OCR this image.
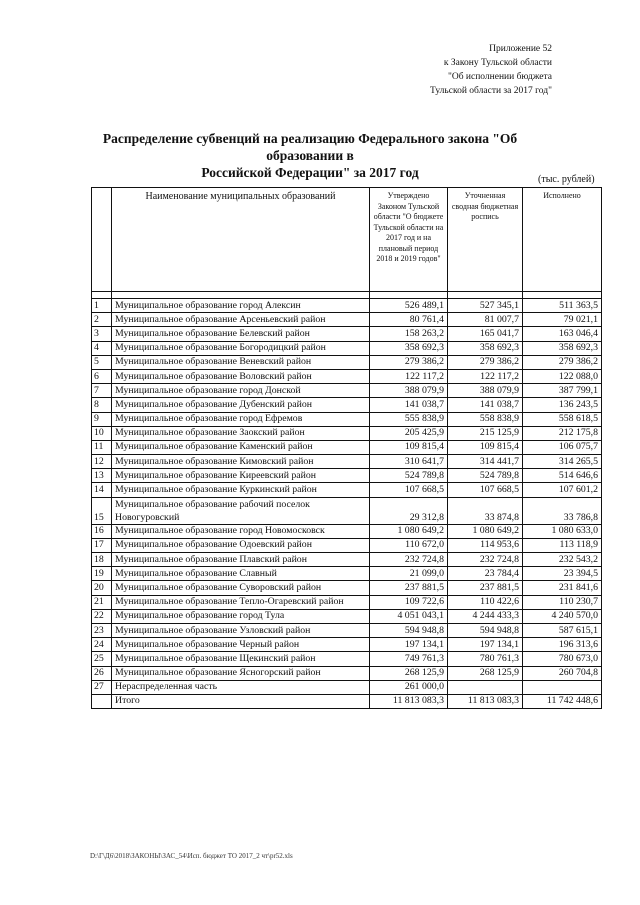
Приложение 52
к Закону Тульской области
"Об исполнении бюджета
Тульской области за 2017 год"
Распределение субвенций на реализацию Федерального закона "Об образовании в
Российской Федерации" за 2017 год	(тыс. рублей)
	Наименование муниципальных образований	Утверждено Законом Тульской области "О бюджете Тульской области на 2017 год и на плановый период 2018 и 2019 годов"	Уточненная сводная бюджетная роспись	Исполнено

1	Муниципальное образование город Алексин	526 489,1	527 345,1	511 363,5
2	Муниципальное образование Арсеньевский район	80 761,4	81 007,7	79 021,1
3	Муниципальное образование Белевский район	158 263,2	165 041,7	163 046,4
4	Муниципальное образование Богородицкий район	358 692,3	358 692,3	358 692,3
5	Муниципальное образование Веневский район	279 386,2	279 386,2	279 386,2
6	Муниципальное образование Воловский район	122 117,2	122 117,2	122 088,0
7	Муниципальное образование город Донской	388 079,9	388 079,9	387 799,1
8	Муниципальное образование Дубенский район	141 038,7	141 038,7	136 243,5
9	Муниципальное образование город Ефремов	555 838,9	558 838,9	558 618,5
10	Муниципальное образование Заокский район	205 425,9	215 125,9	212 175,8
11	Муниципальное образование Каменский район	109 815,4	109 815,4	106 075,7
12	Муниципальное образование Кимовский район	310 641,7	314 441,7	314 265,5
13	Муниципальное образование Киреевский район	524 789,8	524 789,8	514 646,6
14	Муниципальное образование Куркинский район	107 668,5	107 668,5	107 601,2
15	Муниципальное образование рабочий поселок Новогуровский	29 312,8	33 874,8	33 786,8
16	Муниципальное образование город Новомосковск	1 080 649,2	1 080 649,2	1 080 633,0
17	Муниципальное образование Одоевский район	110 672,0	114 953,6	113 118,9
18	Муниципальное образование Плавский район	232 724,8	232 724,8	232 543,2
19	Муниципальное образование Славный	21 099,0	23 784,4	23 394,5
20	Муниципальное образование Суворовский район	237 881,5	237 881,5	231 841,6
21	Муниципальное образование Тепло-Огаревский район	109 722,6	110 422,6	110 230,7
22	Муниципальное образование город Тула	4 051 043,1	4 244 433,3	4 240 570,0
23	Муниципальное образование Узловский район	594 948,8	594 948,8	587 615,1
24	Муниципальное образование Черный район	197 134,1	197 134,1	196 313,6
25	Муниципальное образование Щекинский район	749 761,3	780 761,3	780 673,0
26	Муниципальное образование Ясногорский район	268 125,9	268 125,9	260 704,8
27	Нераспределенная часть	261 000,0		
	Итого	11 813 083,3	11 813 083,3	11 742 448,6
D:\Г\Д6\2018\ЗАКОНЫ\ЗАС_54\Исп. бюджет ТО 2017_2 чт\pr52.xls
